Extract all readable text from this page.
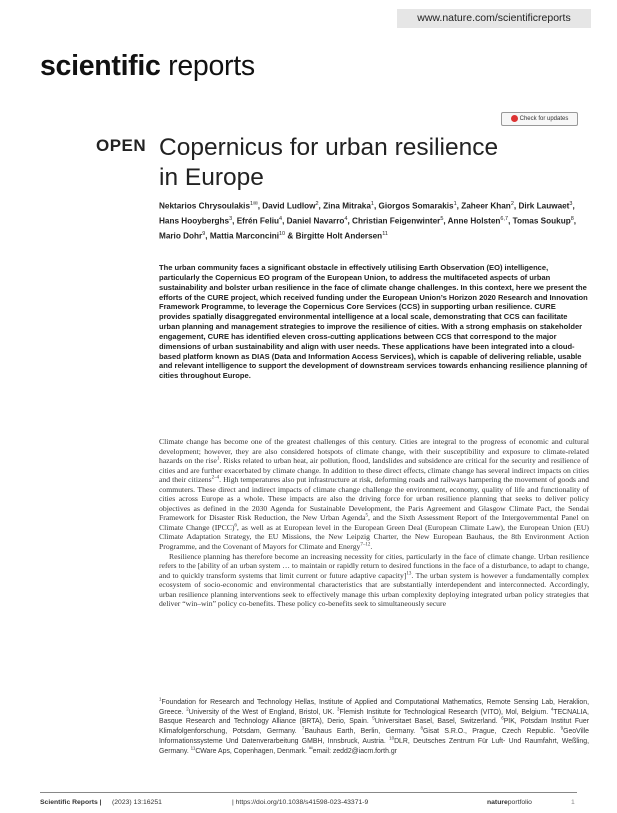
www.nature.com/scientificreports
scientific reports
Check for updates
OPEN Copernicus for urban resilience
in Europe
Nektarios Chrysoulakis$^{1✉}$, David Ludlow$^2$, Zina Mitraka$^1$, Giorgos Somarakis$^1$, Zaheer Khan$^2$, Dirk Lauwaet$^3$, Hans Hooyberghs$^3$, Efrén Feliu$^4$, Daniel Navarro$^4$, Christian Feigenwinter$^5$, Anne Holsten$^{6,7}$, Tomas Soukup$^8$, Mario Dohr$^9$, Mattia Marconcini$^{10}$ & Birgitte Holt Andersen$^{11}$
The urban community faces a significant obstacle in effectively utilising Earth Observation (EO) intelligence, particularly the Copernicus EO program of the European Union, to address the multifaceted aspects of urban sustainability and bolster urban resilience in the face of climate change challenges. In this context, here we present the efforts of the CURE project, which received funding under the European Union’s Horizon 2020 Research and Innovation Framework Programme, to leverage the Copernicus Core Services (CCS) in supporting urban resilience. CURE provides spatially disaggregated environmental intelligence at a local scale, demonstrating that CCS can facilitate urban planning and management strategies to improve the resilience of cities. With a strong emphasis on stakeholder engagement, CURE has identified eleven cross-cutting applications between CCS that correspond to the major dimensions of urban sustainability and align with user needs. These applications have been integrated into a cloud-based platform known as DIAS (Data and Information Access Services), which is capable of delivering reliable, usable and relevant intelligence to support the development of downstream services towards enhancing resilience planning of cities throughout Europe.

Climate change has become one of the greatest challenges of this century. Cities are integral to the progress of economic and cultural development; however, they are also considered hotspots of climate change, with their susceptibility and exposure to climate-related hazards on the rise$^1$. Risks related to urban heat, air pollution, flood, landslides and subsidence are critical for the security and resilience of cities and are further exacerbated by climate change. In addition to these direct effects, climate change has several indirect impacts on cities and their citizens$^{2-4}$. High temperatures also put infrastructure at risk, deforming roads and railways hampering the movement of goods and commuters. These direct and indirect impacts of climate change challenge the environment, economy, quality of life and functionality of cities across Europe as a whole. These impacts are also the driving force for urban resilience planning that seeks to deliver policy objectives as defined in the 2030 Agenda for Sustainable Development, the Paris Agreement and Glasgow Climate Pact, the Sendai Framework for Disaster Risk Reduction, the New Urban Agenda$^5$, and the Sixth Assessment Report of the Intergovernmental Panel on Climate Change (IPCC)$^6$, as well as at European level in the European Green Deal (European Climate Law), the European Union (EU) Climate Adaptation Strategy, the EU Missions, the New Leipzig Charter, the New European Bauhaus, the 8th Environment Action Programme, and the Covenant of Mayors for Climate and Energy$^{7-12}$.

Resilience planning has therefore become an increasing necessity for cities, particularly in the face of climate change. Urban resilience refers to the [ability of an urban system … to maintain or rapidly return to desired functions in the face of a disturbance, to adapt to change, and to quickly transform systems that limit current or future adaptive capacity]$^{13}$. The urban system is however a fundamentally complex ecosystem of socio-economic and environmental characteristics that are substantially interdependent and interconnected. Accordingly, urban resilience planning interventions seek to effectively manage this urban complexity deploying integrated urban policy strategies that deliver “win–win” policy co-benefits. These policy co-benefits seek to simultaneously secure

$^1$Foundation for Research and Technology Hellas, Institute of Applied and Computational Mathematics, Remote Sensing Lab, Heraklion, Greece. $^2$University of the West of England, Bristol, UK. $^3$Flemish Institute for Technological Research (VITO), Mol, Belgium. $^4$TECNALIA, Basque Research and Technology Alliance (BRTA), Derio, Spain. $^5$Universitaet Basel, Basel, Switzerland. $^6$PIK, Potsdam Institut Fuer Klimafolgenforschung, Potsdam, Germany. $^7$Bauhaus Earth, Berlin, Germany. $^8$Gisat S.R.O., Prague, Czech Republic. $^9$GeoVille Informationssysteme Und Datenverarbeitung GMBH, Innsbruck, Austria. $^{10}$DLR, Deutsches Zentrum Für Luft- Und Raumfahrt, Weßling, Germany. $^{11}$CWare Aps, Copenhagen, Denmark. ✉email: zedd2@iacm.forth.gr
Scientific Reports | (2023) 13:16251	| https://doi.org/10.1038/s41598-023-43371-9	natureportfolio	1
